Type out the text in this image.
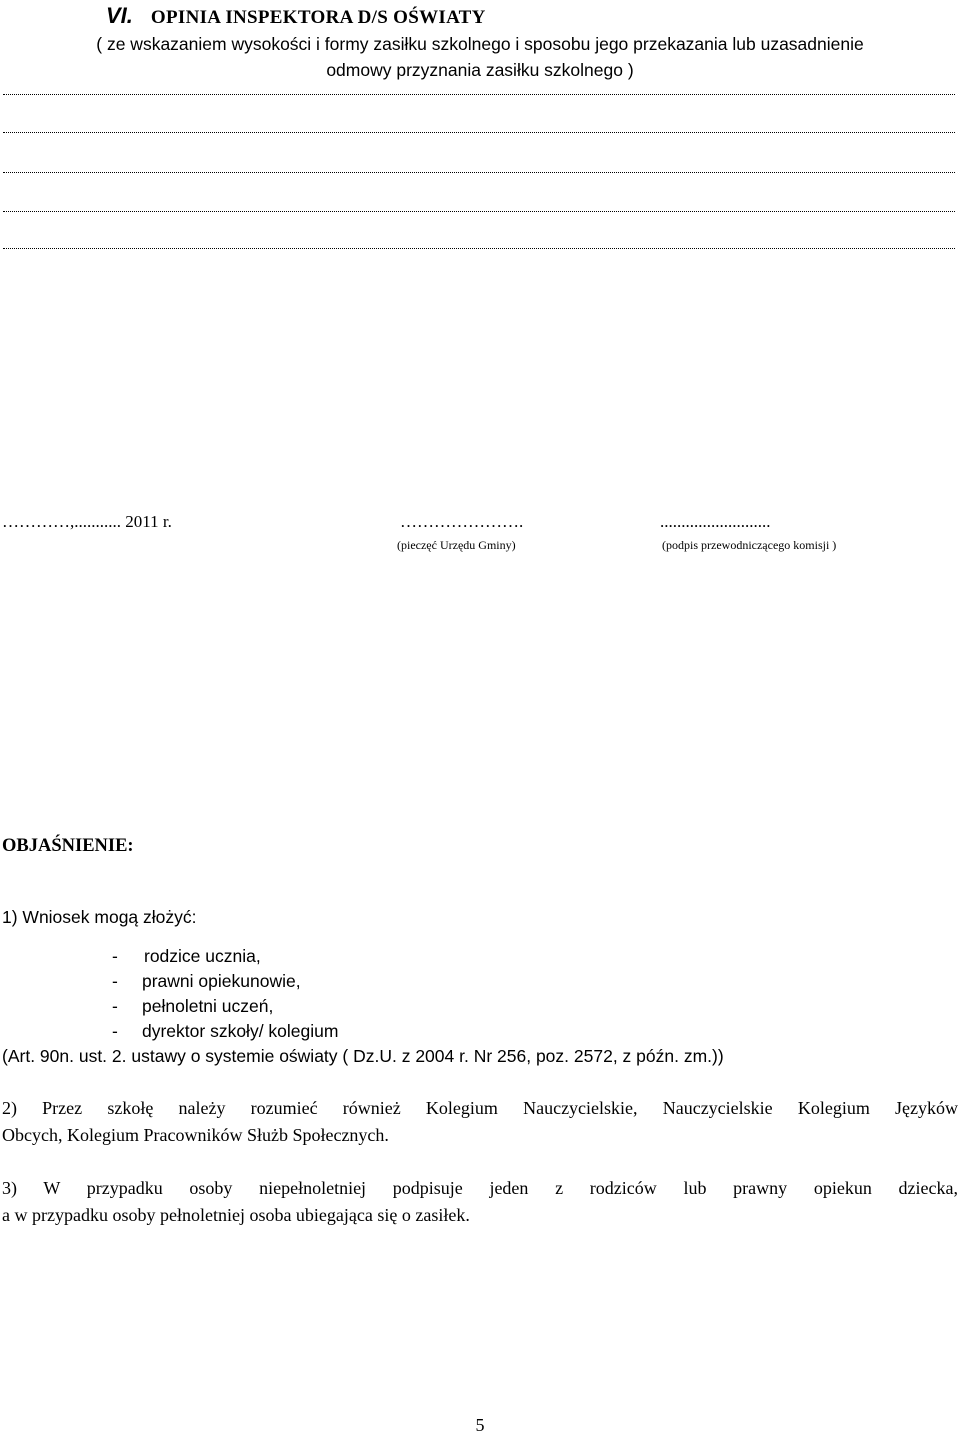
VI. OPINIA INSPEKTORA D/S OŚWIATY
( ze wskazaniem wysokości i formy zasiłku szkolnego i sposobu jego przekazania lub uzasadnienie
odmowy przyznania zasiłku szkolnego )
…………,........... 2011 r.	………………….
(pieczęć Urzędu Gminy)
..........................
(podpis przewodniczącego komisji )
OBJAŚNIENIE:
1) Wniosek mogą złożyć:
- rodzice ucznia,
- prawni opiekunowie,
- pełnoletni uczeń,
- dyrektor szkoły/ kolegium
(Art. 90n. ust. 2. ustawy o systemie oświaty ( Dz.U. z 2004 r. Nr 256, poz. 2572, z późn. zm.))
2) Przez szkołę należy rozumieć również Kolegium Nauczycielskie, Nauczycielskie Kolegium Języków
Obcych, Kolegium Pracowników Służb Społecznych.
3) W przypadku osoby niepełnoletniej podpisuje jeden z rodziców lub prawny opiekun dziecka,
a w przypadku osoby pełnoletniej osoba ubiegająca się o zasiłek.
5
